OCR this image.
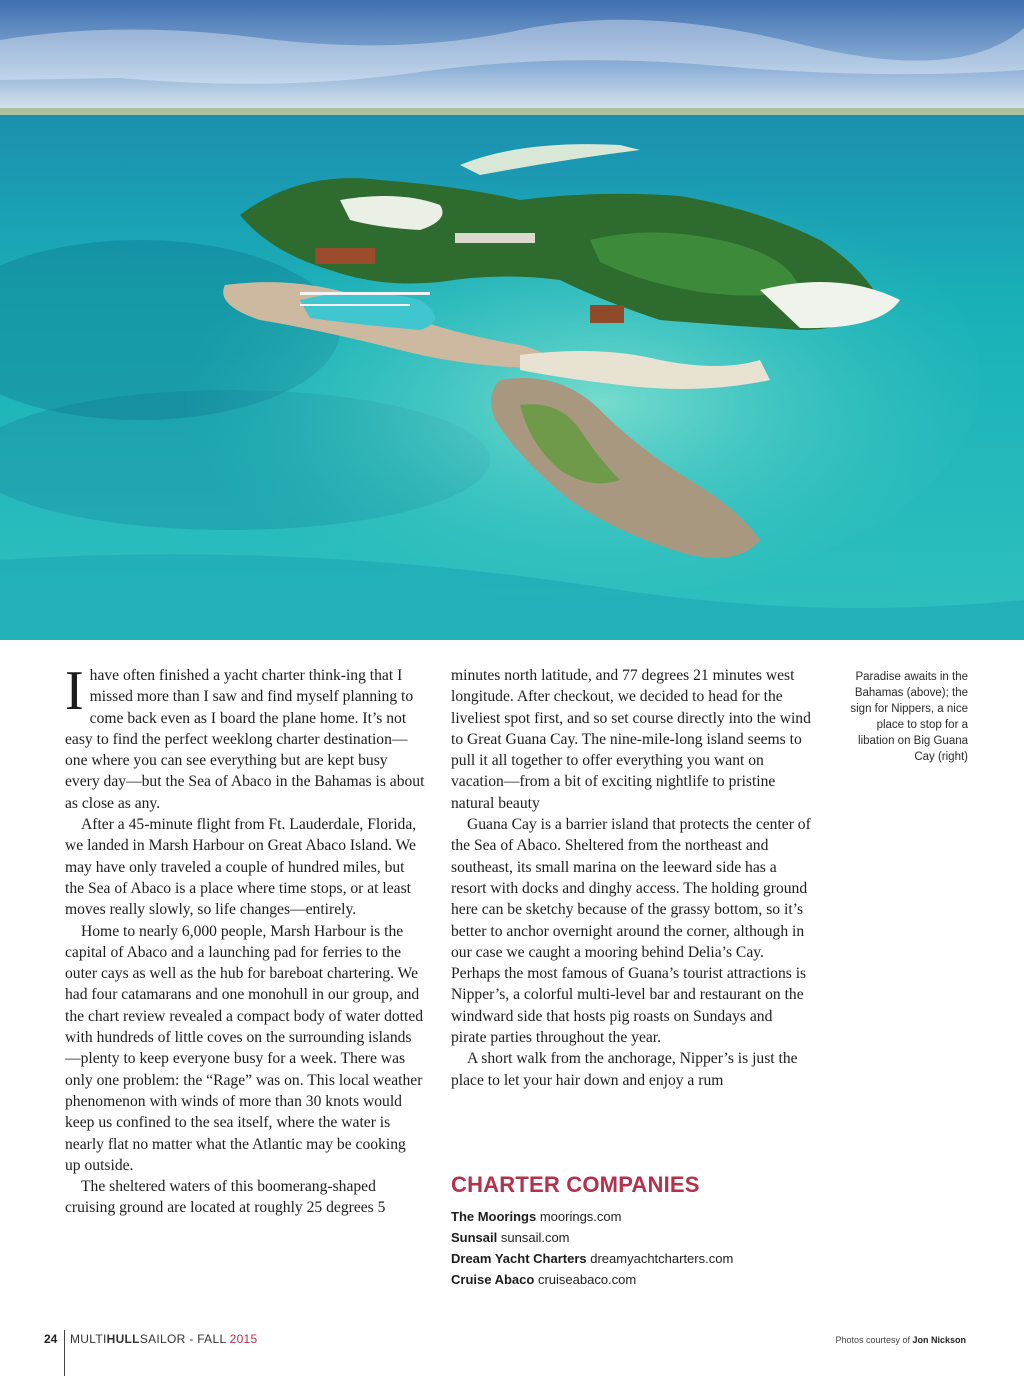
Ihave often finished a yacht charter think-ing that I missed more than I saw and find myself planning to come back even as I board the plane home. It’s not easy to find the perfect weeklong charter destination—one where you can see everything but are kept busy every day—but the Sea of Abaco in the Bahamas is about as close as any.

After a 45-minute flight from Ft. Lauderdale, Florida, we landed in Marsh Harbour on Great Abaco Island. We may have only traveled a couple of hundred miles, but the Sea of Abaco is a place where time stops, or at least moves really slowly, so life changes—entirely.

Home to nearly 6,000 people, Marsh Harbour is the capital of Abaco and a launching pad for ferries to the outer cays as well as the hub for bareboat chartering. We had four catamarans and one monohull in our group, and the chart review revealed a compact body of water dotted with hundreds of little coves on the surrounding islands—plenty to keep everyone busy for a week. There was only one problem: the “Rage” was on. This local weather phenomenon with winds of more than 30 knots would keep us confined to the sea itself, where the water is nearly flat no matter what the Atlantic may be cooking up outside.

The sheltered waters of this boomerang-shaped cruising ground are located at roughly 25 degrees 5

minutes north latitude, and 77 degrees 21 minutes west longitude. After checkout, we decided to head for the liveliest spot first, and so set course directly into the wind to Great Guana Cay. The nine-mile-long island seems to pull it all together to offer everything you want on vacation—from a bit of exciting nightlife to pristine natural beauty

Guana Cay is a barrier island that protects the center of the Sea of Abaco. Sheltered from the northeast and southeast, its small marina on the leeward side has a resort with docks and dinghy access. The holding ground here can be sketchy because of the grassy bottom, so it’s better to anchor overnight around the corner, although in our case we caught a mooring behind Delia’s Cay. Perhaps the most famous of Guana’s tourist attractions is Nipper’s, a colorful multi-level bar and restaurant on the windward side that hosts pig roasts on Sundays and pirate parties throughout the year.

A short walk from the anchorage, Nipper’s is just the place to let your hair down and enjoy a rum

Paradise awaits in the Bahamas (above); the sign for Nippers, a nice place to stop for a libation on Big Guana Cay (right)
CHARTER COMPANIES
The Moorings moorings.com
Sunsail sunsail.com
Dream Yacht Charters dreamyachtcharters.com
Cruise Abaco cruiseabaco.com
24 MULTIHULLSAILOR - FALL 2015	Photos courtesy of Jon Nickson
